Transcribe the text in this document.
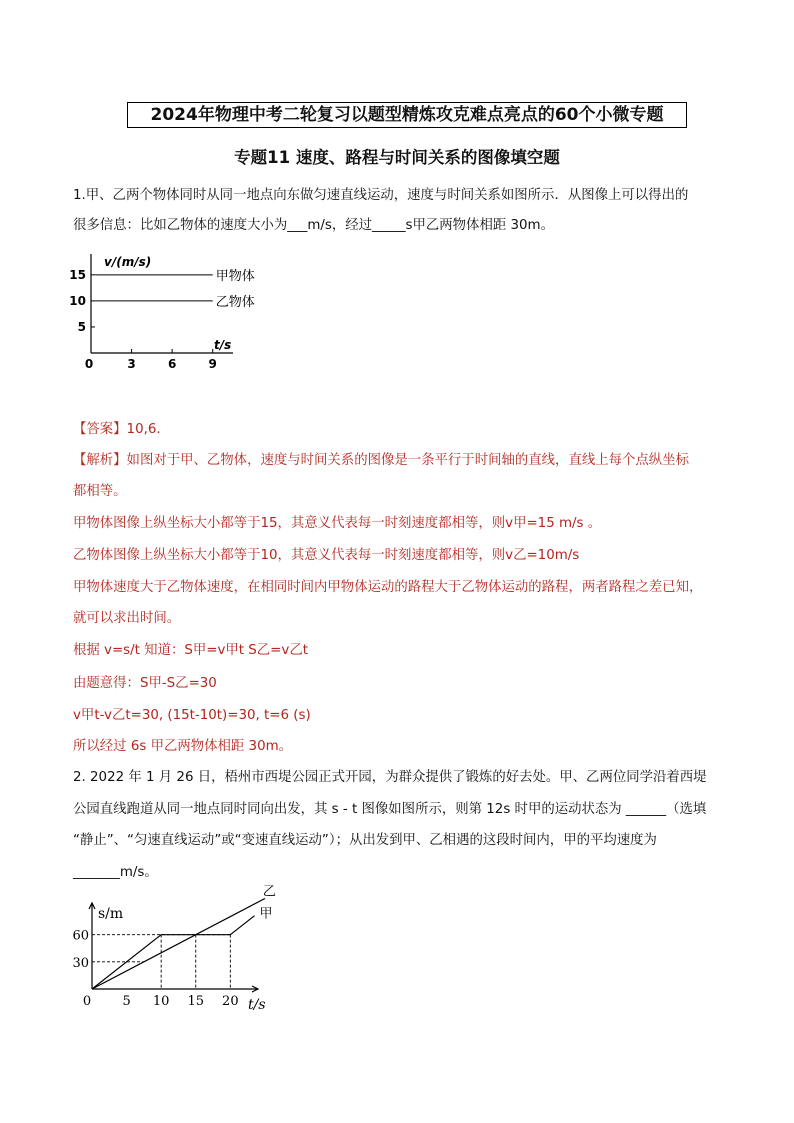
2024年物理中考二轮复习以题型精炼攻克难点亮点的60个小微专题
专题11 速度、路程与时间关系的图像填空题
1.甲、乙两个物体同时从同一地点向东做匀速直线运动，速度与时间关系如图所示．从图像上可以得出的
很多信息：比如乙物体的速度大小为___m/s，经过_____s甲乙两物体相距 30m。
v/(m/s)
t/s
0	3	6	9
5
10
15	甲物体
乙物体
【答案】10,6.
【解析】如图对于甲、乙物体，速度与时间关系的图像是一条平行于时间轴的直线，直线上每个点纵坐标
都相等。
甲物体图像上纵坐标大小都等于15，其意义代表每一时刻速度都相等，则v甲=15 m/s 。
乙物体图像上纵坐标大小都等于10，其意义代表每一时刻速度都相等，则v乙=10m/s
甲物体速度大于乙物体速度，在相同时间内甲物体运动的路程大于乙物体运动的路程，两者路程之差已知，
就可以求出时间。
根据 v=s/t 知道：S甲=v甲t S乙=v乙t
由题意得：S甲-S乙=30
v甲t-v乙t=30, (15t-10t)=30, t=6 (s)
所以经过 6s 甲乙两物体相距 30m。
2. 2022 年 1 月 26 日，梧州市西堤公园正式开园，为群众提供了锻炼的好去处。甲、乙两位同学沿着西堤
公园直线跑道从同一地点同时同向出发，其 s - t 图像如图所示，则第 12s 时甲的运动状态为 ______（选填
“静止”、“匀速直线运动”或“变速直线运动”）；从出发到甲、乙相遇的这段时间内，甲的平均速度为
_______m/s。
s/m
t/s
0 5 10 15 20
30
60
甲
乙
